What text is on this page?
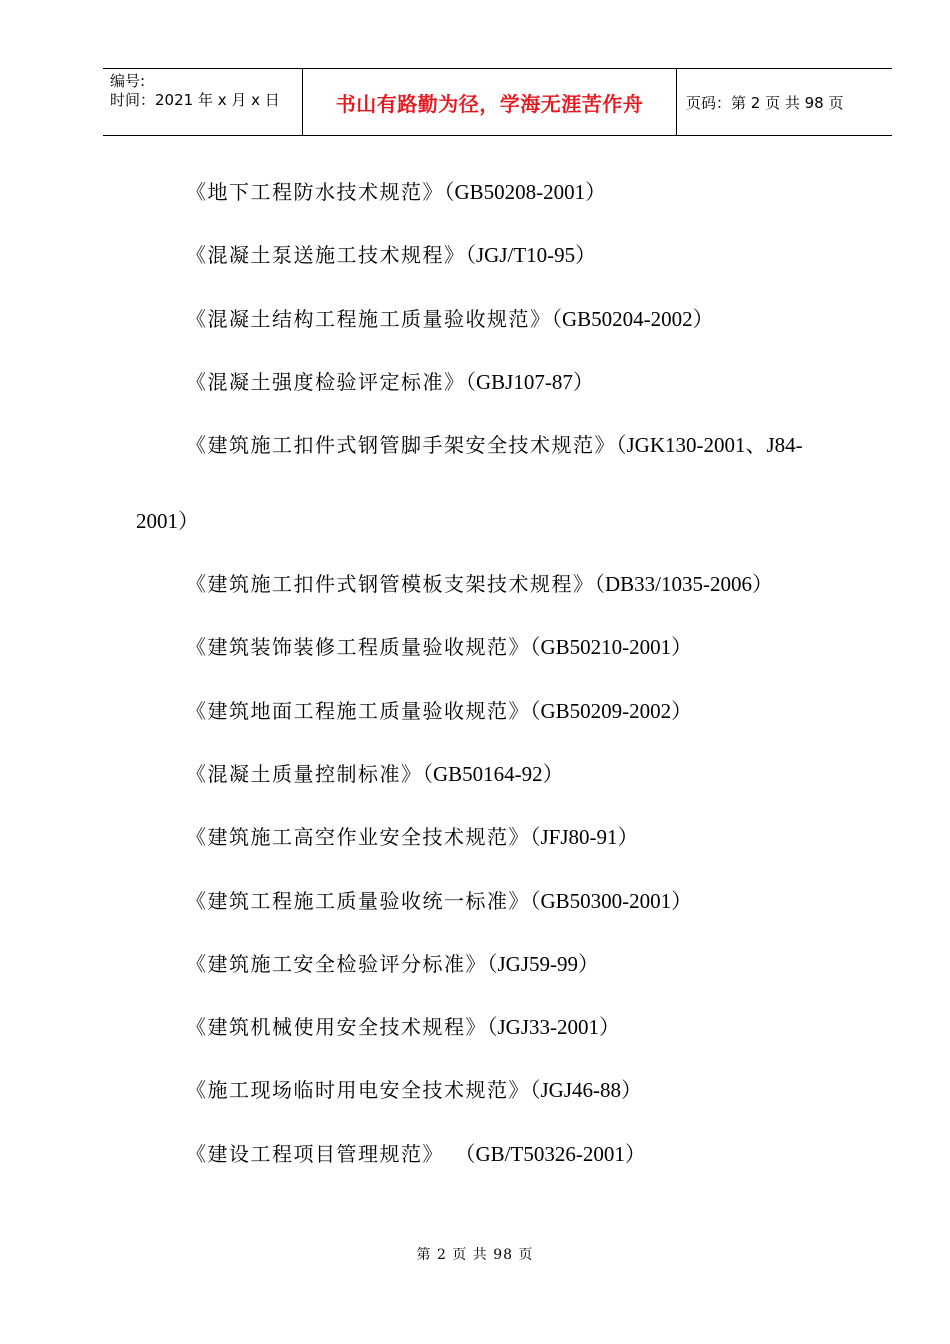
编号:
时间：2021 年 x 月 x 日	书山有路勤为径，学海无涯苦作舟	页码：第 2 页 共 98 页
《地下工程防水技术规范》（GB50208-2001）
《混凝土泵送施工技术规程》（JGJ/T10-95）
《混凝土结构工程施工质量验收规范》（GB50204-2002）
《混凝土强度检验评定标准》（GBJ107-87）
《建筑施工扣件式钢管脚手架安全技术规范》（JGK130-2001、J84-
2001）
《建筑施工扣件式钢管模板支架技术规程》（DB33/1035-2006）
《建筑装饰装修工程质量验收规范》（GB50210-2001）
《建筑地面工程施工质量验收规范》（GB50209-2002）
《混凝土质量控制标准》（GB50164-92）
《建筑施工高空作业安全技术规范》（JFJ80-91）
《建筑工程施工质量验收统一标准》（GB50300-2001）
《建筑施工安全检验评分标准》（JGJ59-99）
《建筑机械使用安全技术规程》（JGJ33-2001）
《施工现场临时用电安全技术规范》（JGJ46-88）
《建设工程项目管理规范》  （GB/T50326-2001）
第 2 页 共 98 页
